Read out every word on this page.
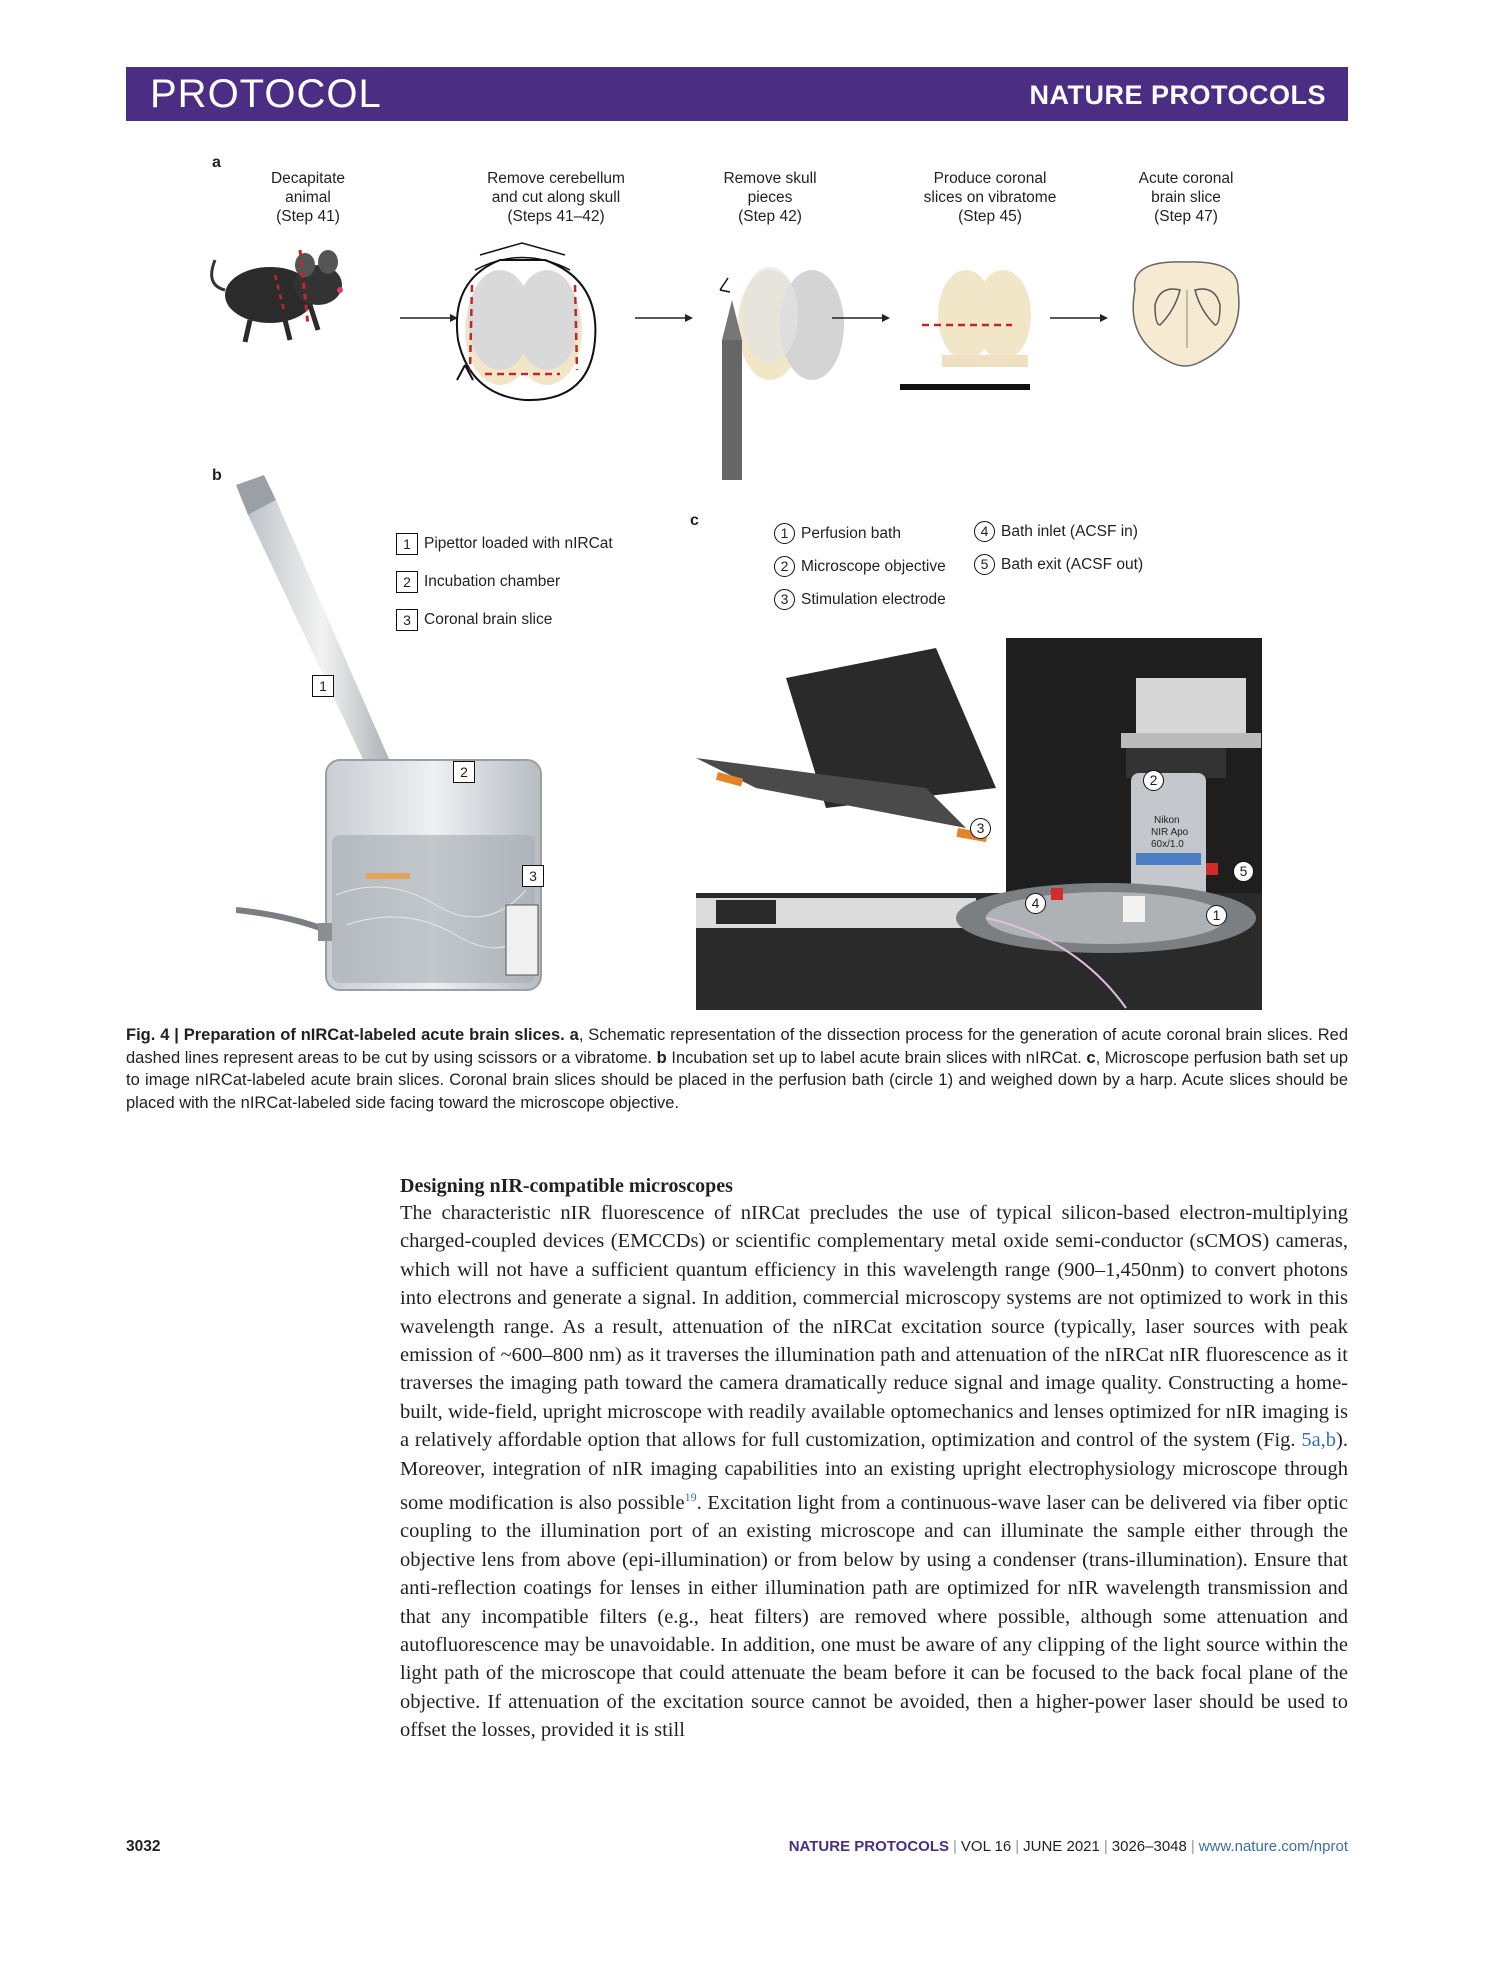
PROTOCOL	NATURE PROTOCOLS
a
Decapitate
animal
(Step 41)
Remove cerebellum
and cut along skull
(Steps 41–42)
Remove skull
pieces
(Step 42)
Produce coronal
slices on vibratome
(Step 45)
Acute coronal
brain slice
(Step 47)
b
1 Pipettor loaded with nIRCat
2 Incubation chamber
3 Coronal brain slice
1
2
3
c
1 Perfusion bath
2 Microscope objective
3 Stimulation electrode
4 Bath inlet (ACSF in)
5 Bath exit (ACSF out)
Nikon
NIR Apo
60x/1.0
2
3
5
4
1
Fig. 4 | Preparation of nIRCat-labeled acute brain slices. a, Schematic representation of the dissection process for the generation of acute coronal brain slices. Red dashed lines represent areas to be cut by using scissors or a vibratome. b Incubation set up to label acute brain slices with nIRCat. c, Microscope perfusion bath set up to image nIRCat-labeled acute brain slices. Coronal brain slices should be placed in the perfusion bath (circle 1) and weighed down by a harp. Acute slices should be placed with the nIRCat-labeled side facing toward the microscope objective.
Designing nIR-compatible microscopes
The characteristic nIR fluorescence of nIRCat precludes the use of typical silicon-based electron-multiplying charged-coupled devices (EMCCDs) or scientific complementary metal oxide semi-conductor (sCMOS) cameras, which will not have a sufficient quantum efficiency in this wavelength range (900–1,450nm) to convert photons into electrons and generate a signal. In addition, commercial microscopy systems are not optimized to work in this wavelength range. As a result, attenuation of the nIRCat excitation source (typically, laser sources with peak emission of ~600–800 nm) as it traverses the illumination path and attenuation of the nIRCat nIR fluorescence as it traverses the imaging path toward the camera dramatically reduce signal and image quality. Constructing a home-built, wide-field, upright microscope with readily available optomechanics and lenses optimized for nIR imaging is a relatively affordable option that allows for full customization, optimization and control of the system (Fig. 5a,b). Moreover, integration of nIR imaging capabilities into an existing upright electrophysiology microscope through some modification is also possible$^{19}$. Excitation light from a continuous-wave laser can be delivered via fiber optic coupling to the illumination port of an existing microscope and can illuminate the sample either through the objective lens from above (epi-illumination) or from below by using a condenser (trans-illumination). Ensure that anti-reflection coatings for lenses in either illumination path are optimized for nIR wavelength transmission and that any incompatible filters (e.g., heat filters) are removed where possible, although some attenuation and autofluorescence may be unavoidable. In addition, one must be aware of any clipping of the light source within the light path of the microscope that could attenuate the beam before it can be focused to the back focal plane of the objective. If attenuation of the excitation source cannot be avoided, then a higher-power laser should be used to offset the losses, provided it is still
3032	NATURE PROTOCOLS | VOL 16 | JUNE 2021 | 3026–3048 | www.nature.com/nprot
